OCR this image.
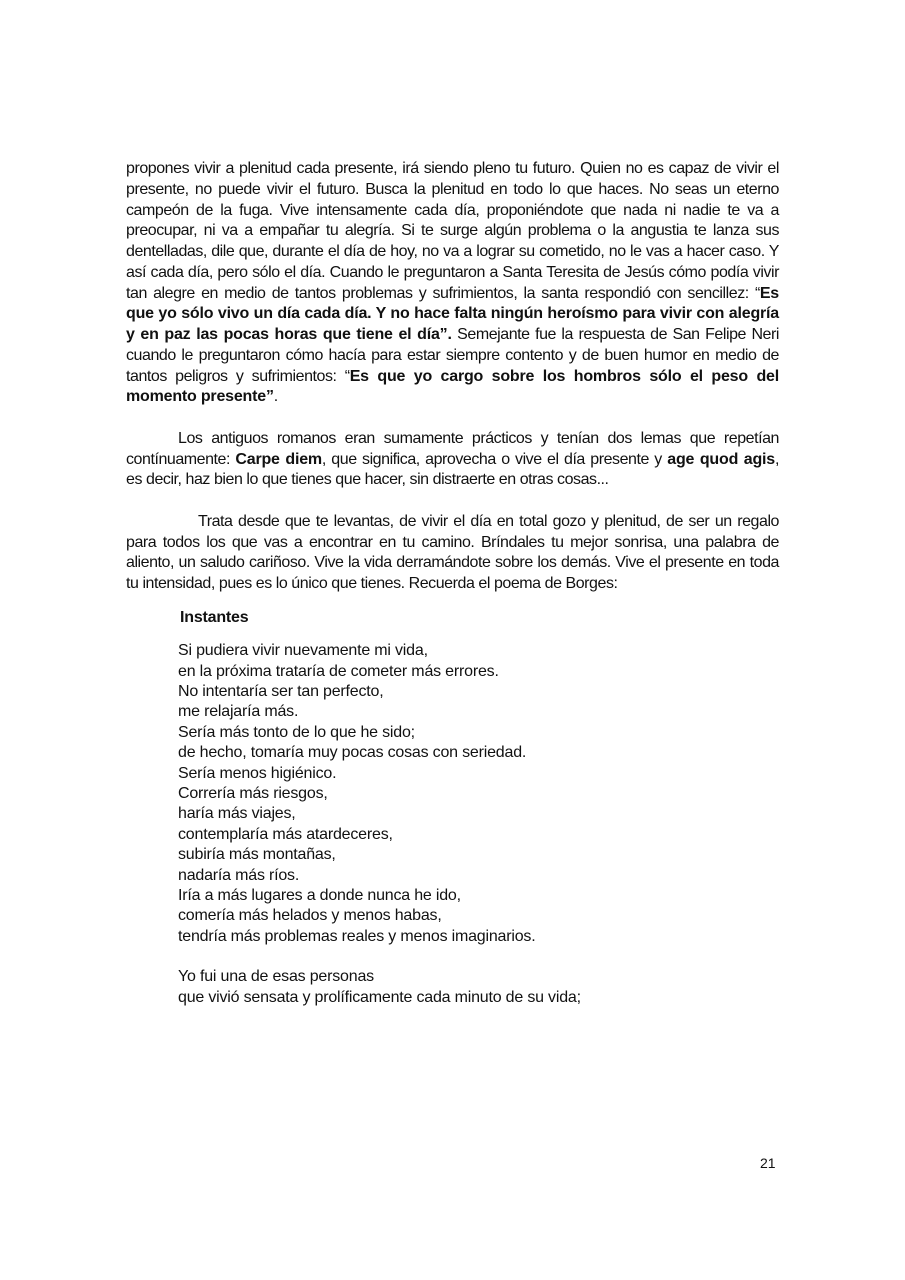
propones vivir a plenitud cada presente, irá siendo pleno tu futuro. Quien no es capaz de vivir el presente, no puede vivir el futuro. Busca la plenitud en todo lo que haces. No seas un eterno campeón de la fuga. Vive intensamente cada día, proponiéndote que nada ni nadie te va a preocupar, ni va a empañar tu alegría. Si te surge algún problema o la angustia te lanza sus dentelladas, dile que, durante el día de hoy, no va a lograr su cometido, no le vas a hacer caso. Y así cada día, pero sólo el día. Cuando le preguntaron a Santa Teresita de Jesús cómo podía vivir tan alegre en medio de tantos problemas y sufrimientos, la santa respondió con sencillez: “Es que yo sólo vivo un día cada día. Y no hace falta ningún heroísmo para vivir con alegría y en paz las pocas horas que tiene el día”. Semejante fue la respuesta de San Felipe Neri cuando le preguntaron cómo hacía para estar siempre contento y de buen humor en medio de tantos peligros y sufrimientos: “Es que yo cargo sobre los hombros sólo el peso del momento presente”.

Los antiguos romanos eran sumamente prácticos y tenían dos lemas que repetían contínuamente: Carpe diem, que significa, aprovecha o vive el día presente y age quod agis, es decir, haz bien lo que tienes que hacer, sin distraerte en otras cosas...

Trata desde que te levantas, de vivir el día en total gozo y plenitud, de ser un regalo para todos los que vas a encontrar en tu camino. Bríndales tu mejor sonrisa, una palabra de aliento, un saludo cariñoso. Vive la vida derramándote sobre los demás. Vive el presente en toda tu intensidad, pues es lo único que tienes. Recuerda el poema de Borges:

Instantes
Si pudiera vivir nuevamente mi vida,
en la próxima trataría de cometer más errores.
No intentaría ser tan perfecto,
me relajaría más.
Sería más tonto de lo que he sido;
de hecho, tomaría muy pocas cosas con seriedad.
Sería menos higiénico.
Correría más riesgos,
haría más viajes,
contemplaría más atardeceres,
subiría más montañas,
nadaría más ríos.
Iría a más lugares a donde nunca he ido,
comería más helados y menos habas,
tendría más problemas reales y menos imaginarios.
Yo fui una de esas personas
que vivió sensata y prolíficamente cada minuto de su vida;
21
